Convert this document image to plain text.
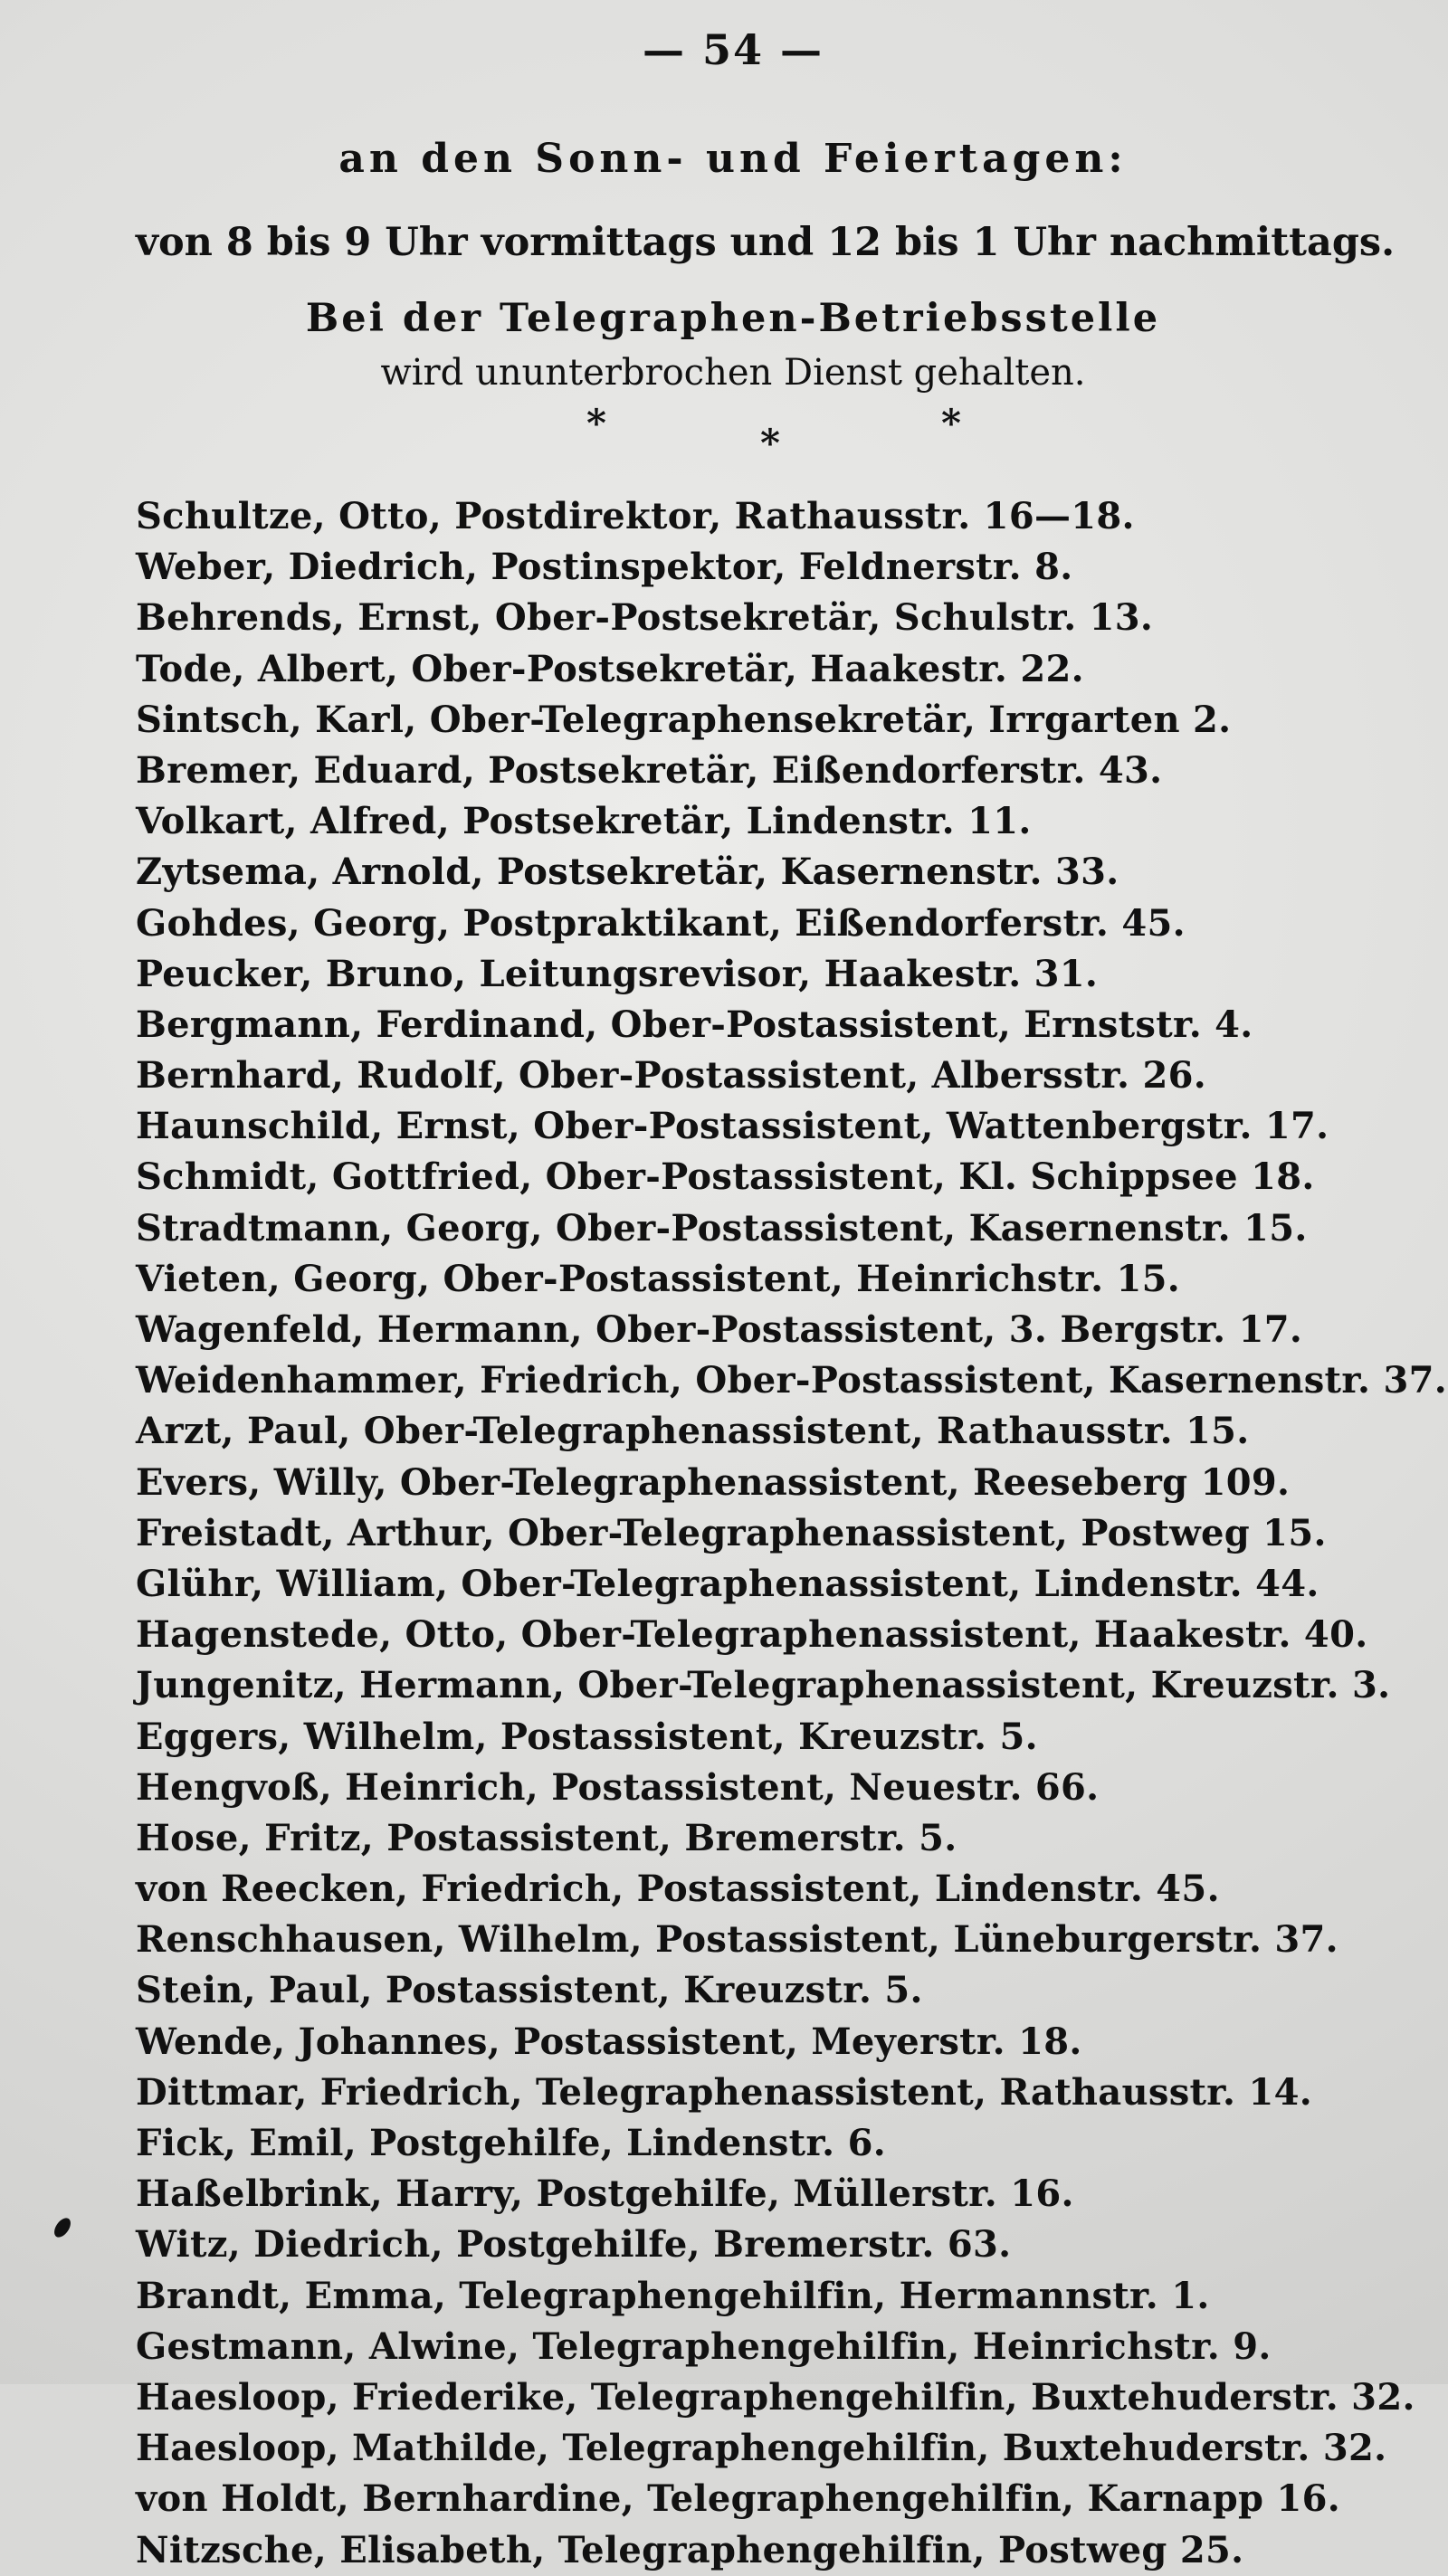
— 54 —
an den Sonn- und Feiertagen:
von 8 bis 9 Uhr vormittags und 12 bis 1 Uhr nachmittags.
Bei der Telegraphen-Betriebsstelle
wird ununterbrochen Dienst gehalten.
*	*	*
Schultze, Otto, Postdirektor, Rathausstr. 16—18.
Weber, Diedrich, Postinspektor, Feldnerstr. 8.
Behrends, Ernst, Ober-Postsekretär, Schulstr. 13.
Tode, Albert, Ober-Postsekretär, Haakestr. 22.
Sintsch, Karl, Ober-Telegraphensekretär, Irrgarten 2.
Bremer, Eduard, Postsekretär, Eißendorferstr. 43.
Volkart, Alfred, Postsekretär, Lindenstr. 11.
Zytsema, Arnold, Postsekretär, Kasernenstr. 33.
Gohdes, Georg, Postpraktikant, Eißendorferstr. 45.
Peucker, Bruno, Leitungsrevisor, Haakestr. 31.
Bergmann, Ferdinand, Ober-Postassistent, Ernststr. 4.
Bernhard, Rudolf, Ober-Postassistent, Albersstr. 26.
Haunschild, Ernst, Ober-Postassistent, Wattenbergstr. 17.
Schmidt, Gottfried, Ober-Postassistent, Kl. Schippsee 18.
Stradtmann, Georg, Ober-Postassistent, Kasernenstr. 15.
Vieten, Georg, Ober-Postassistent, Heinrichstr. 15.
Wagenfeld, Hermann, Ober-Postassistent, 3. Bergstr. 17.
Weidenhammer, Friedrich, Ober-Postassistent, Kasernenstr. 37.
Arzt, Paul, Ober-Telegraphenassistent, Rathausstr. 15.
Evers, Willy, Ober-Telegraphenassistent, Reeseberg 109.
Freistadt, Arthur, Ober-Telegraphenassistent, Postweg 15.
Glühr, William, Ober-Telegraphenassistent, Lindenstr. 44.
Hagenstede, Otto, Ober-Telegraphenassistent, Haakestr. 40.
Jungenitz, Hermann, Ober-Telegraphenassistent, Kreuzstr. 3.
Eggers, Wilhelm, Postassistent, Kreuzstr. 5.
Hengvoß, Heinrich, Postassistent, Neuestr. 66.
Hose, Fritz, Postassistent, Bremerstr. 5.
von Reecken, Friedrich, Postassistent, Lindenstr. 45.
Renschhausen, Wilhelm, Postassistent, Lüneburgerstr. 37.
Stein, Paul, Postassistent, Kreuzstr. 5.
Wende, Johannes, Postassistent, Meyerstr. 18.
Dittmar, Friedrich, Telegraphenassistent, Rathausstr. 14.
Fick, Emil, Postgehilfe, Lindenstr. 6.
Haßelbrink, Harry, Postgehilfe, Müllerstr. 16.
Witz, Diedrich, Postgehilfe, Bremerstr. 63.
Brandt, Emma, Telegraphengehilfin, Hermannstr. 1.
Gestmann, Alwine, Telegraphengehilfin, Heinrichstr. 9.
Haesloop, Friederike, Telegraphengehilfin, Buxtehuderstr. 32.
Haesloop, Mathilde, Telegraphengehilfin, Buxtehuderstr. 32.
von Holdt, Bernhardine, Telegraphengehilfin, Karnapp 16.
Nitzsche, Elisabeth, Telegraphengehilfin, Postweg 25.
